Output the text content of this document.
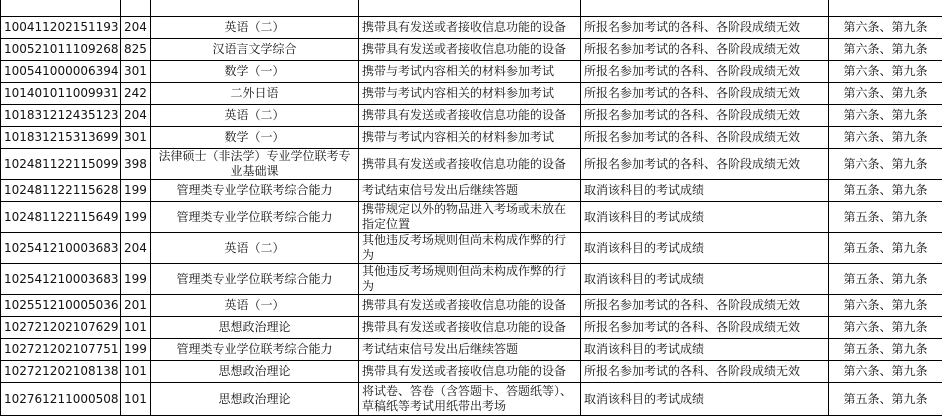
100411202151193	204	英语（二）	携带具有发送或者接收信息功能的设备	所报名参加考试的各科、各阶段成绩无效	第六条、第九条
100521011109268	825	汉语言文学综合	携带具有发送或者接收信息功能的设备	所报名参加考试的各科、各阶段成绩无效	第六条、第九条
100541000006394	301	数学（一）	携带与考试内容相关的材料参加考试	所报名参加考试的各科、各阶段成绩无效	第六条、第九条
101401011009931	242	二外日语	携带与考试内容相关的材料参加考试	所报名参加考试的各科、各阶段成绩无效	第六条、第九条
101831212435123	204	英语（二）	携带具有发送或者接收信息功能的设备	所报名参加考试的各科、各阶段成绩无效	第六条、第九条
101831215313699	301	数学（一）	携带与考试内容相关的材料参加考试	所报名参加考试的各科、各阶段成绩无效	第六条、第九条
102481122115099	398	法律硕士（非法学）专业学位联考专业基础课	携带具有发送或者接收信息功能的设备	所报名参加考试的各科、各阶段成绩无效	第六条、第九条
102481122115628	199	管理类专业学位联考综合能力	考试结束信号发出后继续答题	取消该科目的考试成绩	第五条、第九条
102481122115649	199	管理类专业学位联考综合能力	携带规定以外的物品进入考场或未放在指定位置	取消该科目的考试成绩	第五条、第九条
102541210003683	204	英语（二）	其他违反考场规则但尚未构成作弊的行为	取消该科目的考试成绩	第五条、第九条
102541210003683	199	管理类专业学位联考综合能力	其他违反考场规则但尚未构成作弊的行为	取消该科目的考试成绩	第五条、第九条
102551210005036	201	英语（一）	携带具有发送或者接收信息功能的设备	所报名参加考试的各科、各阶段成绩无效	第六条、第九条
102721202107629	101	思想政治理论	携带具有发送或者接收信息功能的设备	所报名参加考试的各科、各阶段成绩无效	第六条、第九条
102721202107751	199	管理类专业学位联考综合能力	考试结束信号发出后继续答题	取消该科目的考试成绩	第五条、第九条
102721202108138	101	思想政治理论	携带具有发送或者接收信息功能的设备	所报名参加考试的各科、各阶段成绩无效	第六条、第九条
102761211000508	101	思想政治理论	将试卷、答卷（含答题卡、答题纸等）、草稿纸等考试用纸带出考场	取消该科目的考试成绩	第五条、第九条
